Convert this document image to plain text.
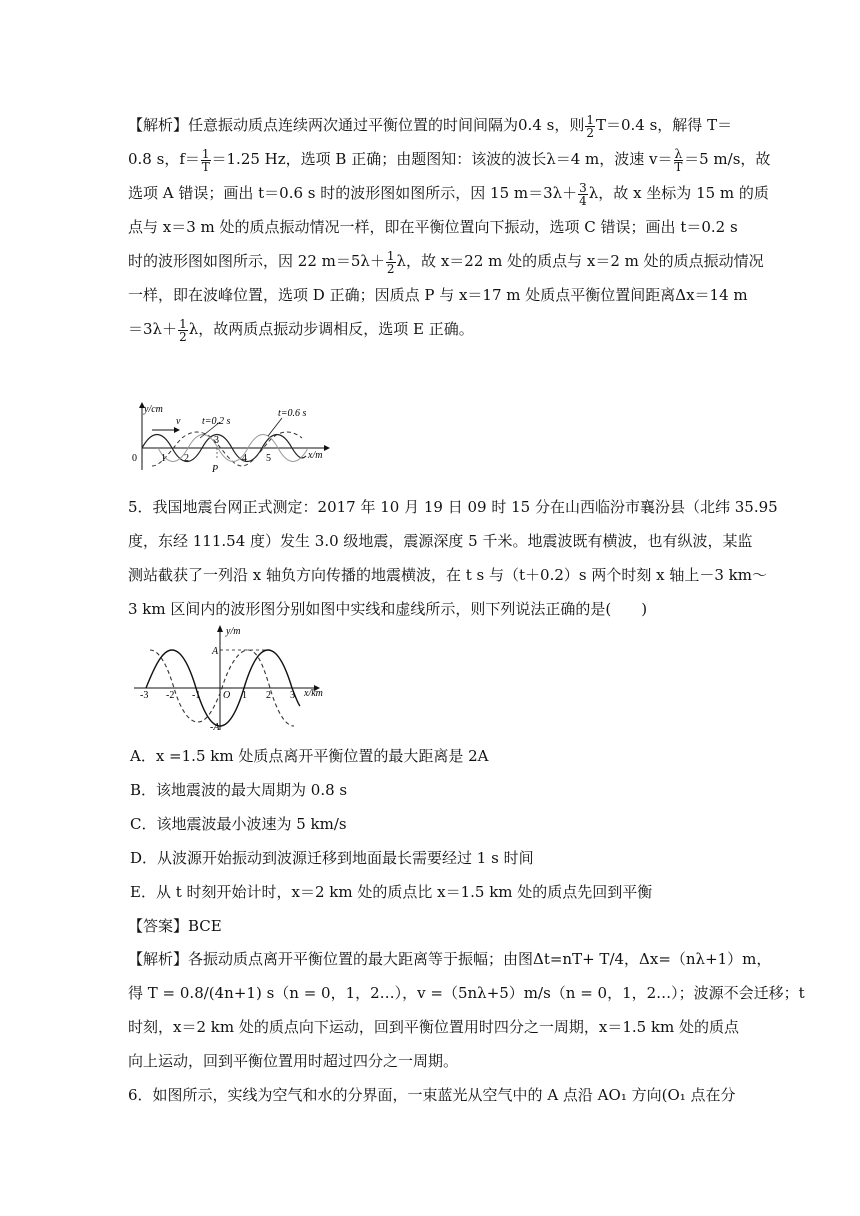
【解析】任意振动质点连续两次通过平衡位置的时间间隔为0.4 s，则 $\frac{1}{2} T=0.4$ s，解得 T＝
0.8 s，$f= \frac{1}{T} =1.25$ Hz，选项 B 正确；由题图知：该波的波长λ＝4 m，波速 $v= \frac{\lambda}{T} =5$ m/s，故
选项 A 错误；画出 t＝0.6 s 时的波形图如图所示，因 15 $m=3\lambda+ \frac{3}{4}$ λ，故 x 坐标为 15 m 的质
点与 x＝3 m 处的质点振动情况一样，即在平衡位置向下振动，选项 C 错误；画出 t＝0.2 s
时的波形图如图所示，因 22 $m=5\lambda+ \frac{1}{2}$ λ，故 x＝22 m 处的质点与 x＝2 m 处的质点振动情况
一样，即在波峰位置，选项 D 正确；因质点 P 与 x＝17 m 处质点平衡位置间距离Δx＝14 m
$=3\lambda+ \frac{1}{2}$ λ，故两质点振动步调相反，选项 E 正确。
y/cm
x/m
v t=0.2 s
t=0.6 s
0 1 2
3
4 5
P
5．我国地震台网正式测定：2017 年 10 月 19 日 09 时 15 分在山西临汾市襄汾县（北纬 35.95
度，东经 111.54 度）发生 3.0 级地震，震源深度 5 千米。地震波既有横波，也有纵波，某监
测站截获了一列沿 x 轴负方向传播的地震横波，在 t s 与（t＋0.2）s 两个时刻 x 轴上－3 km～
3 km 区间内的波形图分别如图中实线和虚线所示，则下列说法正确的是(　　)
y/m
x/km
A
-A
O
-3 -2 -1	1 2 3
A．x =1.5 km 处质点离开平衡位置的最大距离是 2A
B．该地震波的最大周期为 0.8 s
C．该地震波最小波速为 5 km/s
D．从波源开始振动到波源迁移到地面最长需要经过 1 s 时间
E．从 t 时刻开始计时，x＝2 km 处的质点比 x＝1.5 km 处的质点先回到平衡
【答案】BCE
【解析】各振动质点离开平衡位置的最大距离等于振幅；由图Δt=nT+ T/4，Δx=（nλ+1）m，
得 T = 0.8/(4n+1) s（n = 0，1，2…），v =（5nλ+5）m/s（n = 0，1，2…）；波源不会迁移；t
时刻，x＝2 km 处的质点向下运动，回到平衡位置用时四分之一周期，x＝1.5 km 处的质点
向上运动，回到平衡位置用时超过四分之一周期。
6．如图所示，实线为空气和水的分界面，一束蓝光从空气中的 A 点沿 AO₁ 方向(O₁ 点在分
